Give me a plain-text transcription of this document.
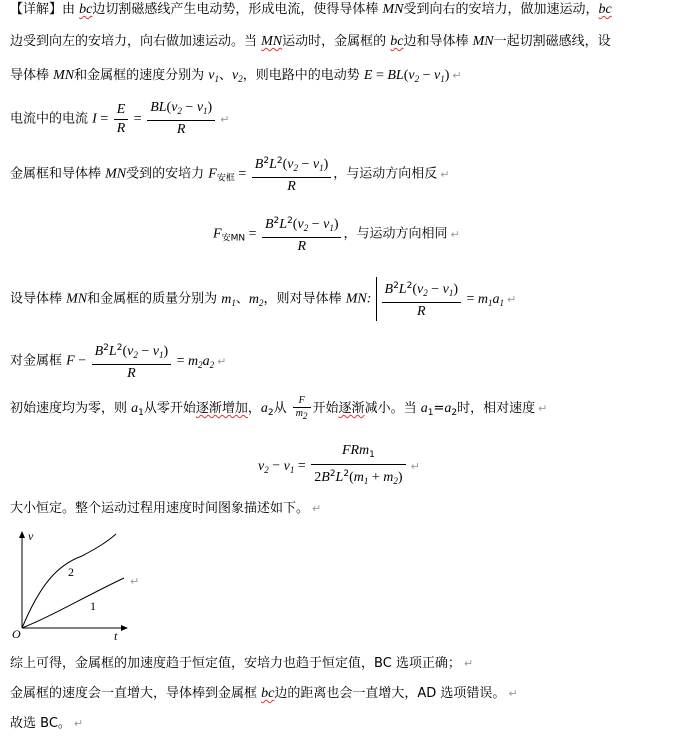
【详解】由 bc边切割磁感线产生电动势，形成电流，使得导体棒 MN受到向右的安培力，做加速运动，bc
边受到向左的安培力，向右做加速运动。当 MN运动时，金属框的 bc边和导体棒 MN一起切割磁感线，设
导体棒 MN和金属框的速度分别为 $v_1$、$v_2$，则电路中的电动势 $E = BL(v_2 - v_1)$ ↵
电流中的电流 $I = \frac{E}{R} = \frac{BL(v_2 - v_1)}{R}$ ↵
金属框和导体棒 MN受到的安培力 $F_{安框} = \frac{B^2L^2(v_2 - v_1)}{R}$ ，与运动方向相反 ↵
$F_{安MN} = \frac{B^2L^2(v_2 - v_1)}{R}$ ，与运动方向相同 ↵
设导体棒 MN和金属框的质量分别为 $m_1$、$m_2$，则对导体棒 MN: $\frac{B^2L^2(v_2 - v_1)}{R} = m_1a_1$ ↵
对金属框 $F - \frac{B^2L^2(v_2 - v_1)}{R} = m_2a_2$ ↵
初始速度均为零，则 $a_1$从零开始逐渐增加，$a_2$从 $\frac{F}{m2}$ 开始逐渐减小。当 $a_1=a_2$时，相对速度 ↵
$v_2 - v_1 = \frac{FRm_1}{2B^2L^2(m_1 + m_2)}$ ↵
大小恒定。整个运动过程用速度时间图象描述如下。 ↵
v
t
O
2
1
↵
综上可得，金属框的加速度趋于恒定值，安培力也趋于恒定值，BC 选项正确； ↵
金属框的速度会一直增大，导体棒到金属框 bc边的距离也会一直增大，AD 选项错误。 ↵
故选 BC。 ↵
